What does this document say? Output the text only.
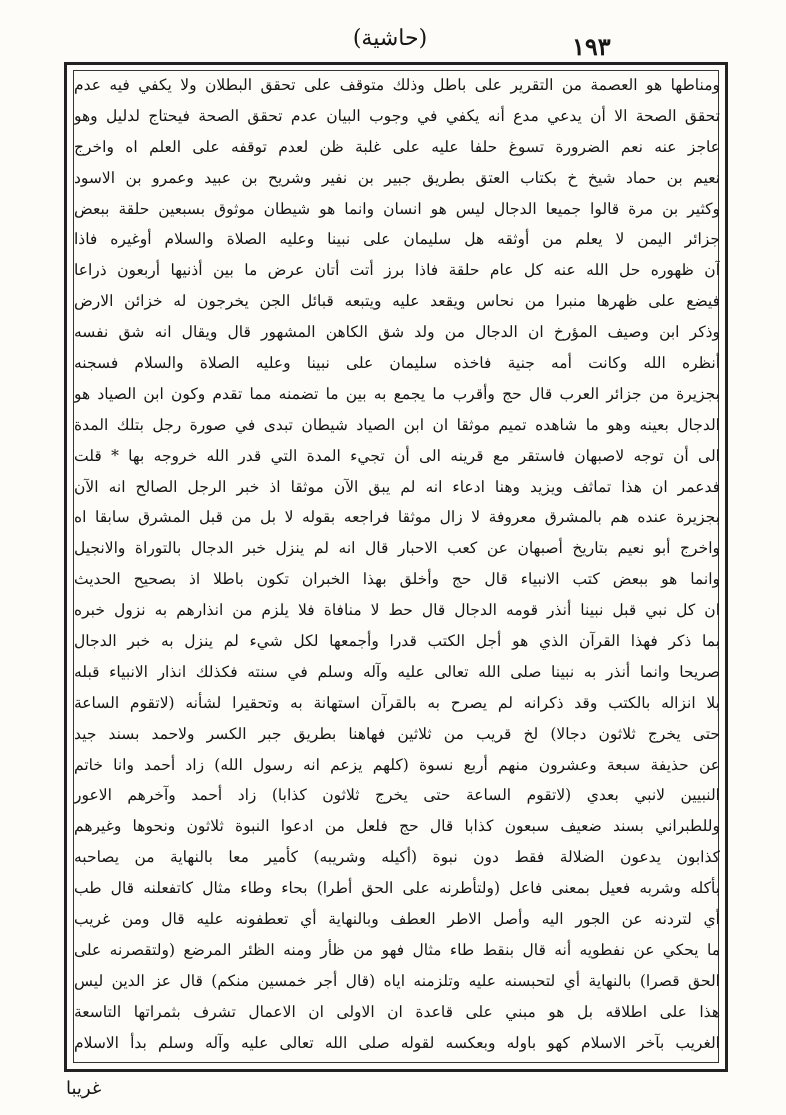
(حاشية)	١٩٣
ومناطها هو العصمة من التقرير على باطل وذلك متوقف على تحقق البطلان ولا يكفي فيه عدم
تحقق الصحة الا أن يدعي مدع أنه يكفي في وجوب البيان عدم تحقق الصحة فيحتاج لدليل وهو
عاجز عنه نعم الضرورة تسوغ حلفا عليه على غلبة ظن لعدم توقفه على العلم اه واخرج
نعيم بن حماد شيخ خ بكتاب العتق بطريق جبير بن نفير وشريح بن عبيد وعمرو بن الاسود
وكثير بن مرة قالوا جميعا الدجال ليس هو انسان وانما هو شيطان موثوق بسبعين حلقة ببعض
جزائر اليمن لا يعلم من أوثقه هل سليمان على نبينا وعليه الصلاة والسلام أوغيره فاذا
آن ظهوره حل الله عنه كل عام حلقة فاذا برز أتت أتان عرض ما بين أذنيها أربعون ذراعا
فيضع على ظهرها منبرا من نحاس ويقعد عليه ويتبعه قبائل الجن يخرجون له خزائن الارض
وذكر ابن وصيف المؤرخ ان الدجال من ولد شق الكاهن المشهور قال ويقال انه شق نفسه
أنظره الله وكانت أمه جنية فاخذه سليمان على نبينا وعليه الصلاة والسلام فسجنه
بجزيرة من جزائر العرب قال حج وأقرب ما يجمع به بين ما تضمنه مما تقدم وكون ابن الصياد هو
الدجال بعينه وهو ما شاهده تميم موثقا ان ابن الصياد شيطان تبدى في صورة رجل بتلك المدة
الى أن توجه لاصبهان فاستقر مع قرينه الى أن تجيء المدة التي قدر الله خروجه بها * قلت
فدعمر ان هذا تماثف ويزيد وهنا ادعاء انه لم يبق الآن موثقا اذ خبر الرجل الصالح انه الآن
بجزيرة عنده هم بالمشرق معروفة لا زال موثقا فراجعه بقوله لا بل من قبل المشرق سابقا اه
واخرج أبو نعيم بتاريخ أصبهان عن كعب الاحبار قال انه لم ينزل خبر الدجال بالتوراة والانجيل
وانما هو ببعض كتب الانبياء قال حج وأخلق بهذا الخبران تكون باطلا اذ بصحيح الحديث
ان كل نبي قبل نبينا أنذر قومه الدجال قال حط لا منافاة فلا يلزم من انذارهم به نزول خبره
بما ذكر فهذا القرآن الذي هو أجل الكتب قدرا وأجمعها لكل شيء لم ينزل به خبر الدجال
صريحا وانما أنذر به نبينا صلى الله تعالى عليه وآله وسلم في سنته فكذلك انذار الانبياء قبله
بلا انزاله بالكتب وقد ذكرانه لم يصرح به بالقرآن استهانة به وتحقيرا لشأنه (لاتقوم الساعة
حتى يخرج ثلاثون دجالا) لخ قريب من ثلاثين فهاهنا بطريق جبر الكسر ولاحمد بسند جيد
عن حذيفة سبعة وعشرون منهم أربع نسوة (كلهم يزعم انه رسول الله) زاد أحمد وانا خاتم
النبيين لانبي بعدي (لاتقوم الساعة حتى يخرج ثلاثون كذابا) زاد أحمد وآخرهم الاعور
وللطبراني بسند ضعيف سبعون كذابا قال حج فلعل من ادعوا النبوة ثلاثون ونحوها وغيرهم
كذابون يدعون الضلالة فقط دون نبوة (أكيله وشريبه) كأمير معا بالنهاية من يصاحبه
بأكله وشربه فعيل بمعنى فاعل (ولتأطرنه على الحق أطرا) بحاء وطاء مثال كاتفعلنه قال طب
أي لتردنه عن الجور اليه وأصل الاطر العطف وبالنهاية أي تعطفونه عليه قال ومن غريب
ما يحكي عن نفطويه أنه قال بنقط طاء مثال فهو من ظأر ومنه الظئر المرضع (ولتقصرنه على
الحق قصرا) بالنهاية أي لتحبسنه عليه وتلزمنه اياه (قال أجر خمسين منكم) قال عز الدين ليس
هذا على اطلاقه بل هو مبني على قاعدة ان الاولى ان الاعمال تشرف بثمراتها التاسعة
الغريب بآخر الاسلام كهو باوله وبعكسه لقوله صلى الله تعالى عليه وآله وسلم بدأ الاسلام
غريبا
